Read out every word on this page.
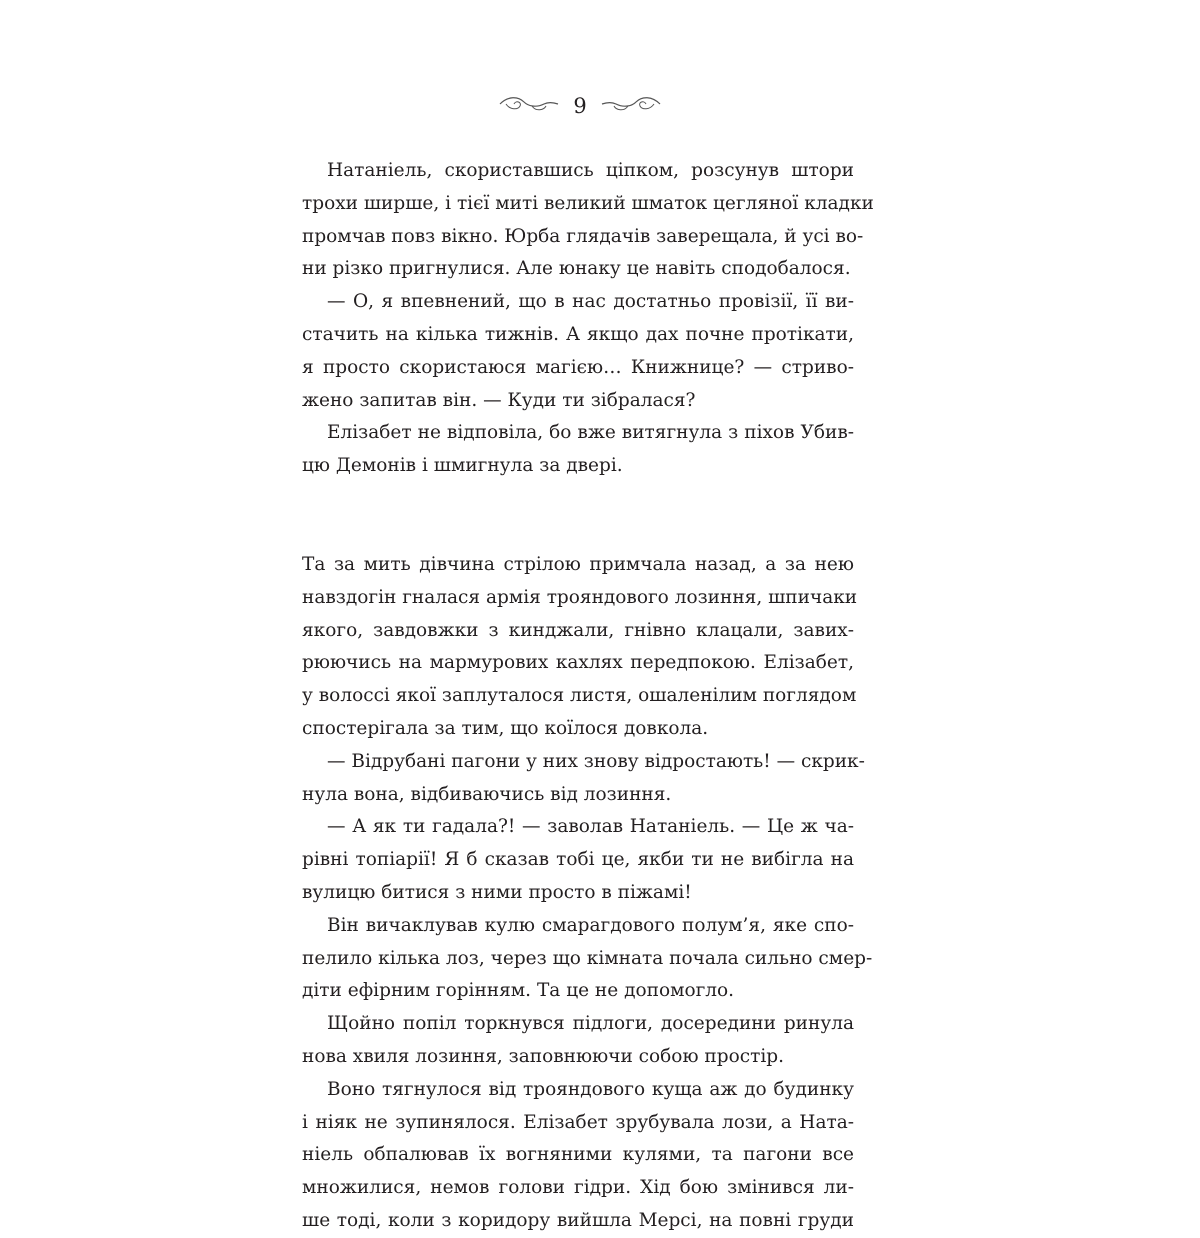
9
Натаніель, скориставшись ціпком, розсунув штори
трохи ширше, і тієї миті великий шматок цегляної кладки
промчав повз вікно. Юрба глядачів заверещала, й усі во-
ни різко пригнулися. Але юнаку це навіть сподобалося.
— О, я впевнений, що в нас достатньо провізії, її ви-
стачить на кілька тижнів. А якщо дах почне протікати,
я просто скористаюся магією… Книжнице? — стриво-
жено запитав він. — Куди ти зібралася?
Елізабет не відповіла, бо вже витягнула з піхов Убив-
цю Демонів і шмигнула за двері.
Та за мить дівчина стрілою примчала назад, а за нею
навздогін гналася армія трояндового лозиння, шпичаки
якого, завдовжки з кинджали, гнівно клацали, завих-
рюючись на мармурових кахлях передпокою. Елізабет,
у волоссі якої заплуталося листя, ошаленілим поглядом
спостерігала за тим, що коїлося довкола.
— Відрубані пагони у них знову відростають! — скрик-
нула вона, відбиваючись від лозиння.
— А як ти гадала?! — заволав Натаніель. — Це ж ча-
рівні топіарії! Я б сказав тобі це, якби ти не вибігла на
вулицю битися з ними просто в піжамі!
Він вичаклував кулю смарагдового полум’я, яке спо-
пелило кілька лоз, через що кімната почала сильно смер-
діти ефірним горінням. Та це не допомогло.
Щойно попіл торкнувся підлоги, досередини ринула
нова хвиля лозиння, заповнюючи собою простір.
Воно тягнулося від трояндового куща аж до будинку
і ніяк не зупинялося. Елізабет зрубувала лози, а Ната-
ніель обпалював їх вогняними кулями, та пагони все
множилися, немов голови гідри. Хід бою змінився ли-
ше тоді, коли з коридору вийшла Мерсі, на повні груди
